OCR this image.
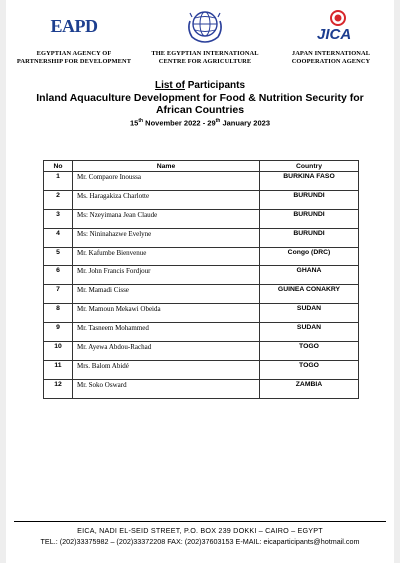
EAPD
EGYPTIAN AGENCY OF
PARTNERSHIP FOR DEVELOPMENT
THE EGYPTIAN INTERNATIONAL
CENTRE FOR AGRICULTURE
JICA
JAPAN INTERNATIONAL
COOPERATION AGENCY
List of Participants
Inland Aquaculture Development for Food & Nutrition Security for
African Countries
15th November 2022 - 29th January 2023
No	Name	Country
1	Mr. Compaore Inoussa	BURKINA FASO
2	Ms. Haragakiza Charlotte	BURUNDI
3	Ms: Nzeyimana Jean Claude	BURUNDI
4	Ms: Nininahazwe Evelyne	BURUNDI
5	Mr. Kafumbe Bienvenue	Congo (DRC)
6	Mr. John Francis Fordjour	GHANA
7	Mr. Mamadi Cisse	GUINEA CONAKRY
8	Mr. Mamoun Mekawi Obeida	SUDAN
9	Mr. Tasneem Mohammed	SUDAN
10	Mr. Ayewa Abdou-Rachad	TOGO
11	Mrs. Balom Abidé	TOGO
12	Mr. Soko Osward	ZAMBIA
EICA, NADI EL-SEID STREET, P.O. BOX 239 DOKKI – CAIRO – EGYPT
TEL.: (202)33375982 – (202)33372208 FAX: (202)37603153 E-MAIL: eicaparticipants@hotmail.com
